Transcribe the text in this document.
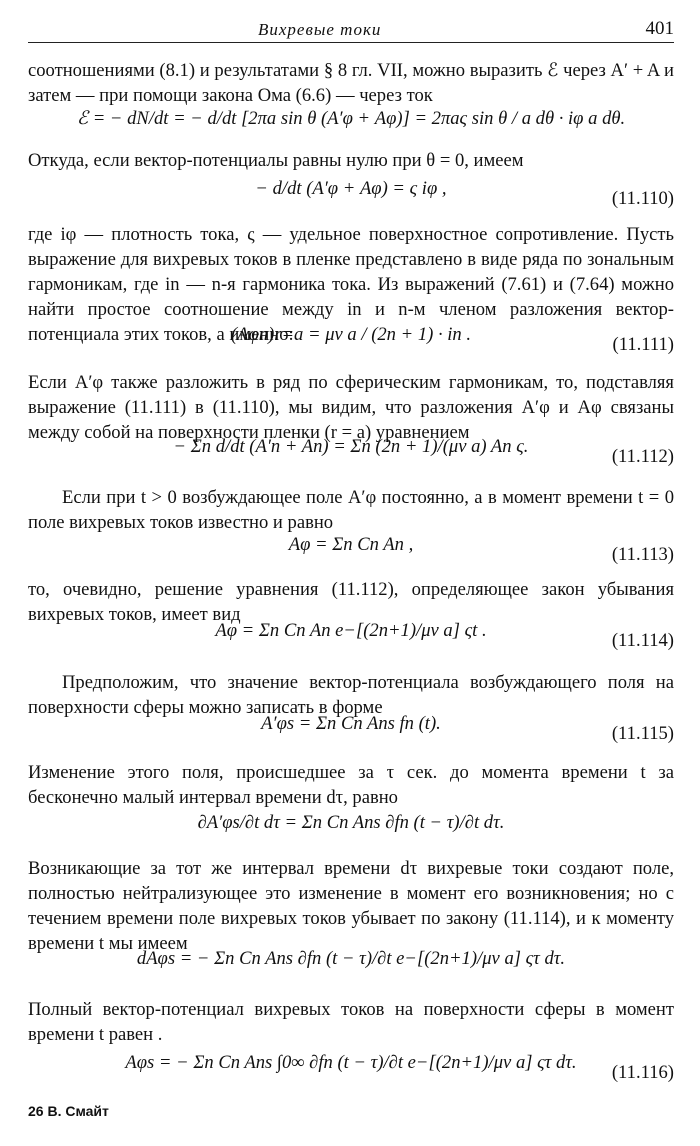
Вихревые токи	401

соотношениями (8.1) и результатами § 8 гл. VII, можно выразить ℰ через A′ + A и затем — при помощи закона Ома (6.6) — через ток

ℰ = − dN/dt = − d/dt [2πa sin θ (A′φ + Aφ)] = 2πaς sin θ / a dθ · iφ a dθ.

Откуда, если вектор-потенциалы равны нулю при θ = 0, имеем

− d/dt (A′φ + Aφ) = ς iφ ,	(11.110)

где iφ — плотность тока, ς — удельное поверхностное сопротивление. Пусть выражение для вихревых токов в пленке представлено в виде ряда по зональным гармоникам, где in — n-я гармоника тока. Из выражений (7.61) и (7.64) можно найти простое соотношение между in и n-м членом разложения вектор-потенциала этих токов, а именно:

(Aφn)r=a = μv a / (2n + 1) · in .	(11.111)

Если A′φ также разложить в ряд по сферическим гармоникам, то, подставляя выражение (11.111) в (11.110), мы видим, что разложения A′φ и Aφ связаны между собой на поверхности пленки (r = a) уравнением

− Σn d/dt (A′n + An) = Σn (2n + 1)/(μv a) An ς.	(11.112)

Если при t > 0 возбуждающее поле A′φ постоянно, а в момент времени t = 0 поле вихревых токов известно и равно

Aφ = Σn Cn An ,	(11.113)

то, очевидно, решение уравнения (11.112), определяющее закон убывания вихревых токов, имеет вид

Aφ = Σn Cn An e−[(2n+1)/μv a] ςt .	(11.114)

Предположим, что значение вектор-потенциала возбуждающего поля на поверхности сферы можно записать в форме

A′φs = Σn Cn Ans fn (t).	(11.115)

Изменение этого поля, происшедшее за τ сек. до момента времени t за бесконечно малый интервал времени dτ, равно

∂A′φs/∂t dτ = Σn Cn Ans ∂fn (t − τ)/∂t dτ.

Возникающие за тот же интервал времени dτ вихревые токи создают поле, полностью нейтрализующее это изменение в момент его возникновения; но с течением времени поле вихревых токов убывает по закону (11.114), и к моменту времени t мы имеем

dAφs = − Σn Cn Ans ∂fn (t − τ)/∂t e−[(2n+1)/μv a] ςτ dτ.

Полный вектор-потенциал вихревых токов на поверхности сферы в момент времени t равен .

Aφs = − Σn Cn Ans ∫0∞ ∂fn (t − τ)/∂t e−[(2n+1)/μv a] ςτ dτ.	(11.116)
26 В. Смайт
